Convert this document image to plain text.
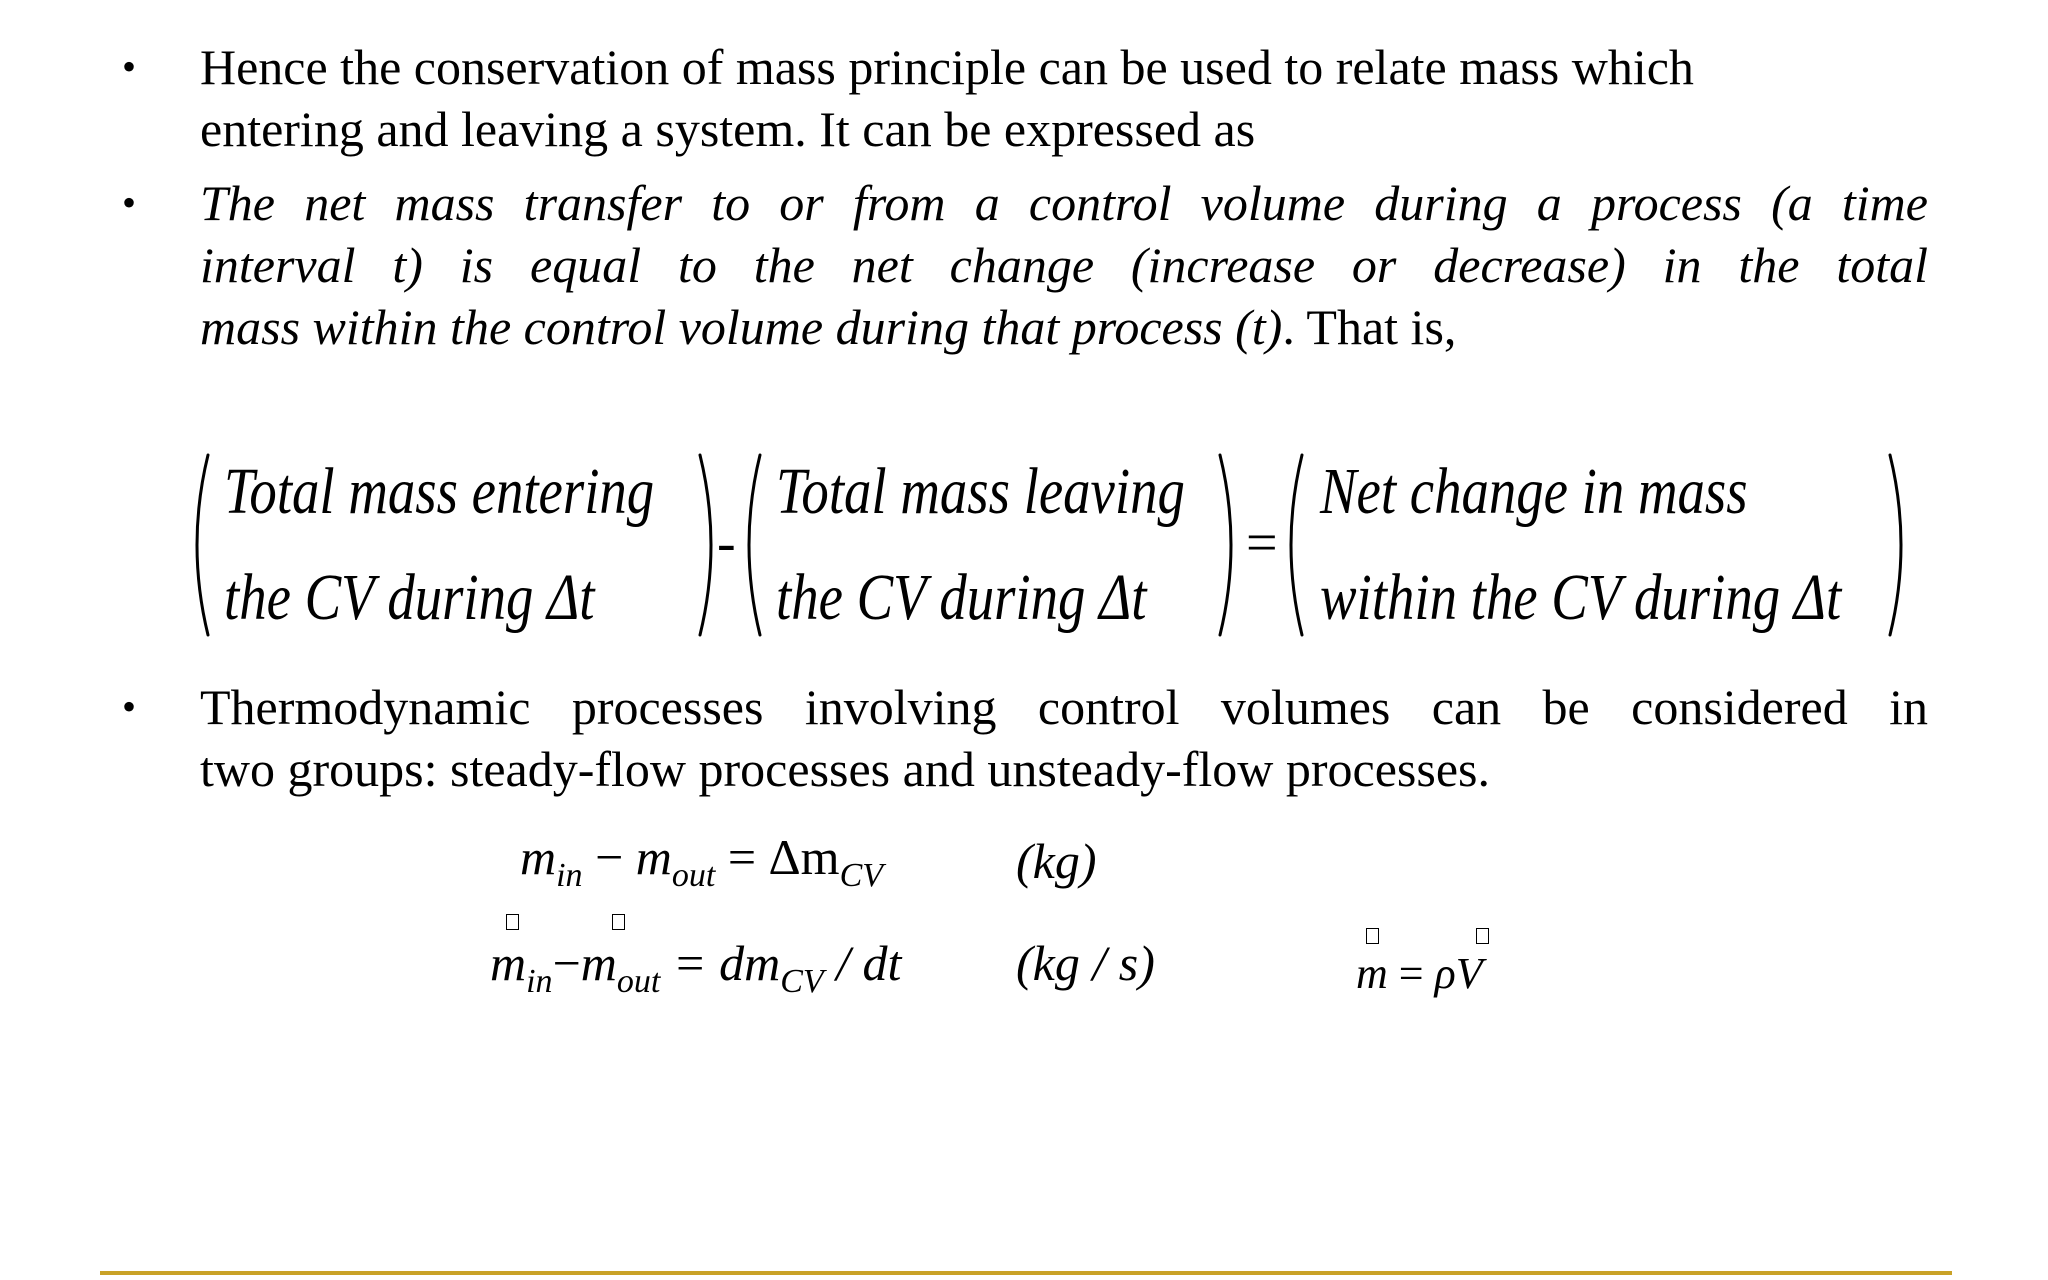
• Hence the conservation of mass principle can be used to relate mass which
entering and leaving a system. It can be expressed as
• The net mass transfer to or from a control volume during a process (a time
interval t) is equal to the net change (increase or decrease) in the total
mass within the control volume during that process (t). That is,
Total mass entering
the CV during Δt
-
Total mass leaving
the CV during Δt
=
Net change in mass
within the CV during Δt
• Thermodynamic processes involving control volumes can be considered in
two groups: steady-flow processes and unsteady-flow processes.
$m_{in} - m_{out} = \Delta m_{CV}$	(kg)
$m_{in}-m_{out} = dm_{CV}$ / dt (kg / s)	m = ρV
